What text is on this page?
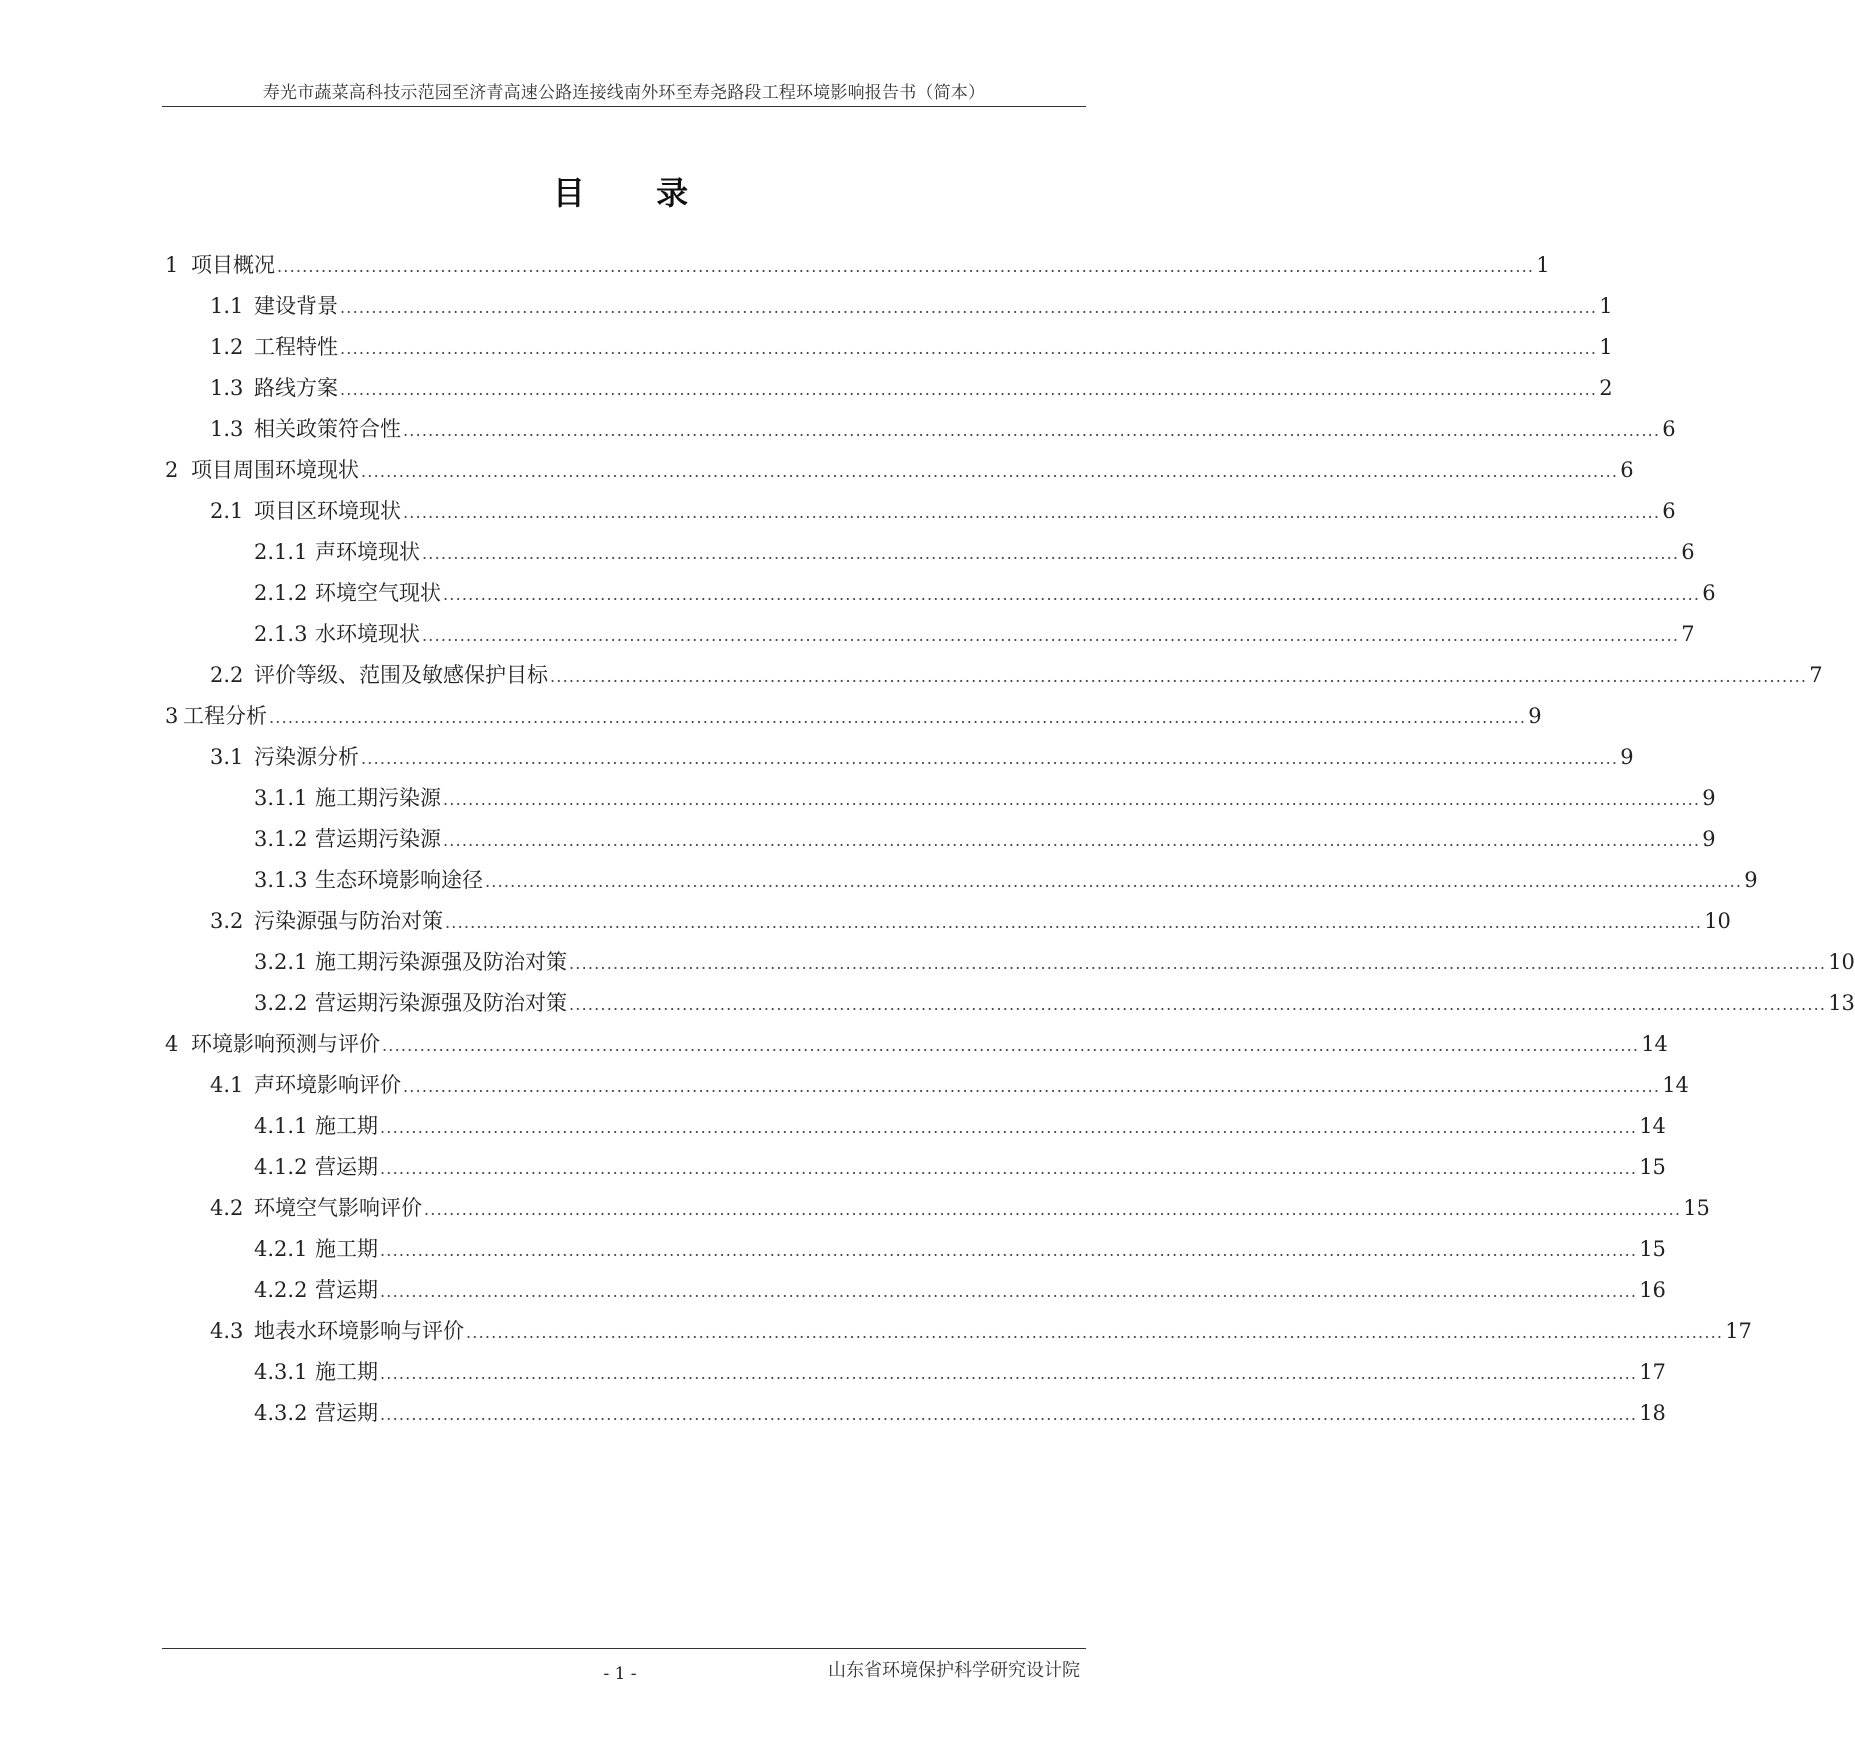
寿光市蔬菜高科技示范园至济青高速公路连接线南外环至寿尧路段工程环境影响报告书（简本）
目 录
1 项目概况 ........................................................................................................................................................................................................ 1
1.1 建设背景 ........................................................................................................................................................................................................ 1
1.2 工程特性 ........................................................................................................................................................................................................ 1
1.3 路线方案 ........................................................................................................................................................................................................ 2
1.3 相关政策符合性 ........................................................................................................................................................................................................ 6
2 项目周围环境现状 ........................................................................................................................................................................................................ 6
2.1 项目区环境现状 ........................................................................................................................................................................................................ 6
2.1.1 声环境现状 ........................................................................................................................................................................................................ 6
2.1.2 环境空气现状 ........................................................................................................................................................................................................ 6
2.1.3 水环境现状 ........................................................................................................................................................................................................ 7
2.2 评价等级、范围及敏感保护目标 ........................................................................................................................................................................................................ 7
3 工程分析 ........................................................................................................................................................................................................ 9
3.1 污染源分析 ........................................................................................................................................................................................................ 9
3.1.1 施工期污染源 ........................................................................................................................................................................................................ 9
3.1.2 营运期污染源 ........................................................................................................................................................................................................ 9
3.1.3 生态环境影响途径 ........................................................................................................................................................................................................ 9
3.2 污染源强与防治对策 ........................................................................................................................................................................................................ 10
3.2.1 施工期污染源强及防治对策 ........................................................................................................................................................................................................ 10
3.2.2 营运期污染源强及防治对策 ........................................................................................................................................................................................................ 13
4 环境影响预测与评价 ........................................................................................................................................................................................................ 14
4.1 声环境影响评价 ........................................................................................................................................................................................................ 14
4.1.1 施工期 ........................................................................................................................................................................................................ 14
4.1.2 营运期 ........................................................................................................................................................................................................ 15
4.2 环境空气影响评价 ........................................................................................................................................................................................................ 15
4.2.1 施工期 ........................................................................................................................................................................................................ 15
4.2.2 营运期 ........................................................................................................................................................................................................ 16
4.3 地表水环境影响与评价 ........................................................................................................................................................................................................ 17
4.3.1 施工期 ........................................................................................................................................................................................................ 17
4.3.2 营运期 ........................................................................................................................................................................................................ 18
- 1 -	山东省环境保护科学研究设计院
